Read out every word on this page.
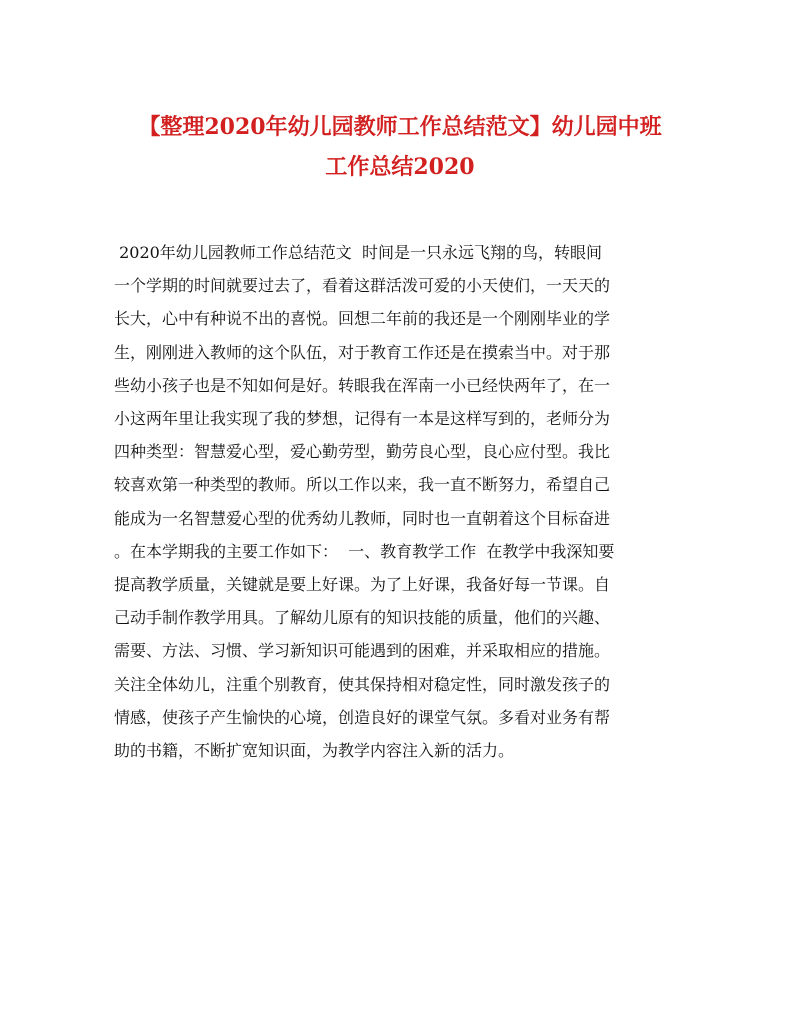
【整理2020年幼儿园教师工作总结范文】幼儿园中班
工作总结2020
2020年幼儿园教师工作总结范文  时间是一只永远飞翔的鸟，转眼间
一个学期的时间就要过去了，看着这群活泼可爱的小天使们，一天天的
长大，心中有种说不出的喜悦。回想二年前的我还是一个刚刚毕业的学
生，刚刚进入教师的这个队伍，对于教育工作还是在摸索当中。对于那
些幼小孩子也是不知如何是好。转眼我在浑南一小已经快两年了，在一
小这两年里让我实现了我的梦想，记得有一本是这样写到的，老师分为
四种类型：智慧爱心型，爱心勤劳型，勤劳良心型，良心应付型。我比
较喜欢第一种类型的教师。所以工作以来，我一直不断努力，希望自己
能成为一名智慧爱心型的优秀幼儿教师，同时也一直朝着这个目标奋进
。在本学期我的主要工作如下：  一、教育教学工作  在教学中我深知要
提高教学质量，关键就是要上好课。为了上好课，我备好每一节课。自
己动手制作教学用具。了解幼儿原有的知识技能的质量，他们的兴趣、
需要、方法、习惯、学习新知识可能遇到的困难，并采取相应的措施。
关注全体幼儿，注重个别教育，使其保持相对稳定性，同时激发孩子的
情感，使孩子产生愉快的心境，创造良好的课堂气氛。多看对业务有帮
助的书籍，不断扩宽知识面，为教学内容注入新的活力。
